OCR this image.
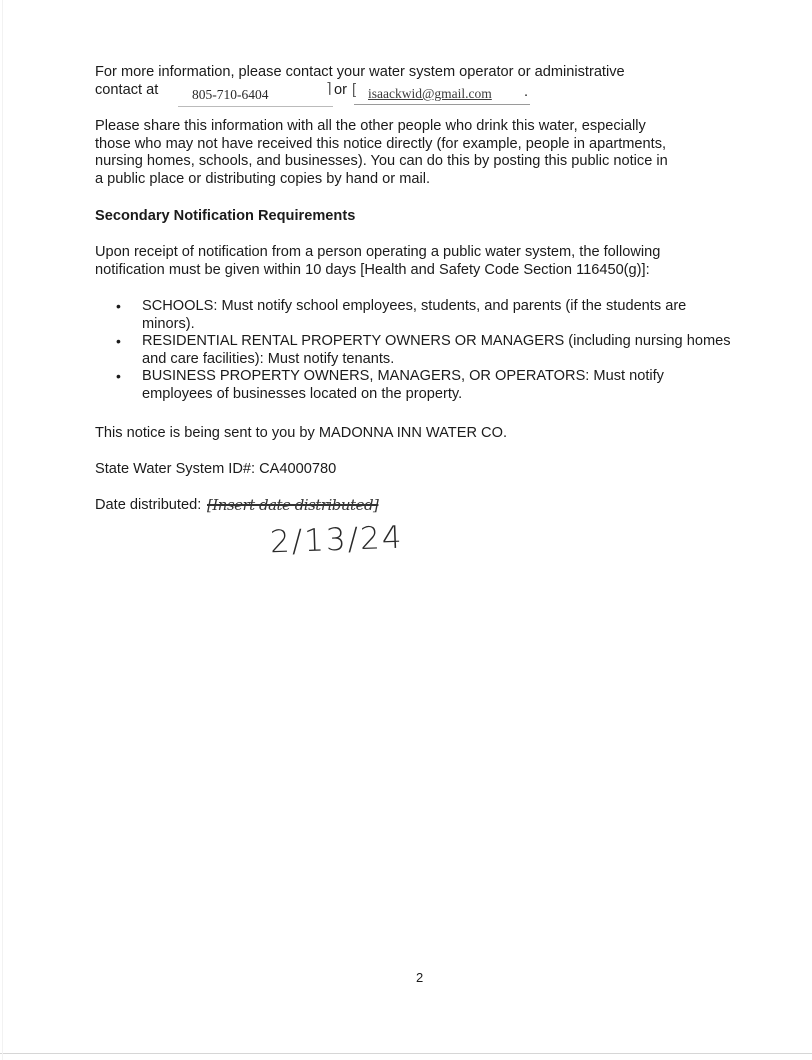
For more information, please contact your water system operator or administrative
contact at	805-710-6404	⌉ or [ isaackwid@gmail.com .

Please share this information with all the other people who drink this water, especially
those who may not have received this notice directly (for example, people in apartments,
nursing homes, schools, and businesses). You can do this by posting this public notice in
a public place or distributing copies by hand or mail.

Secondary Notification Requirements

Upon receipt of notification from a person operating a public water system, the following
notification must be given within 10 days [Health and Safety Code Section 116450(g)]:

• SCHOOLS: Must notify school employees, students, and parents (if the students are minors).
• RESIDENTIAL RENTAL PROPERTY OWNERS OR MANAGERS (including nursing homes and care facilities): Must notify tenants.
• BUSINESS PROPERTY OWNERS, MANAGERS, OR OPERATORS: Must notify employees of businesses located on the property.
This notice is being sent to you by MADONNA INN WATER CO.
State Water System ID#: CA4000780
Date distributed: [Insert date distributed]
2/13/24
2
